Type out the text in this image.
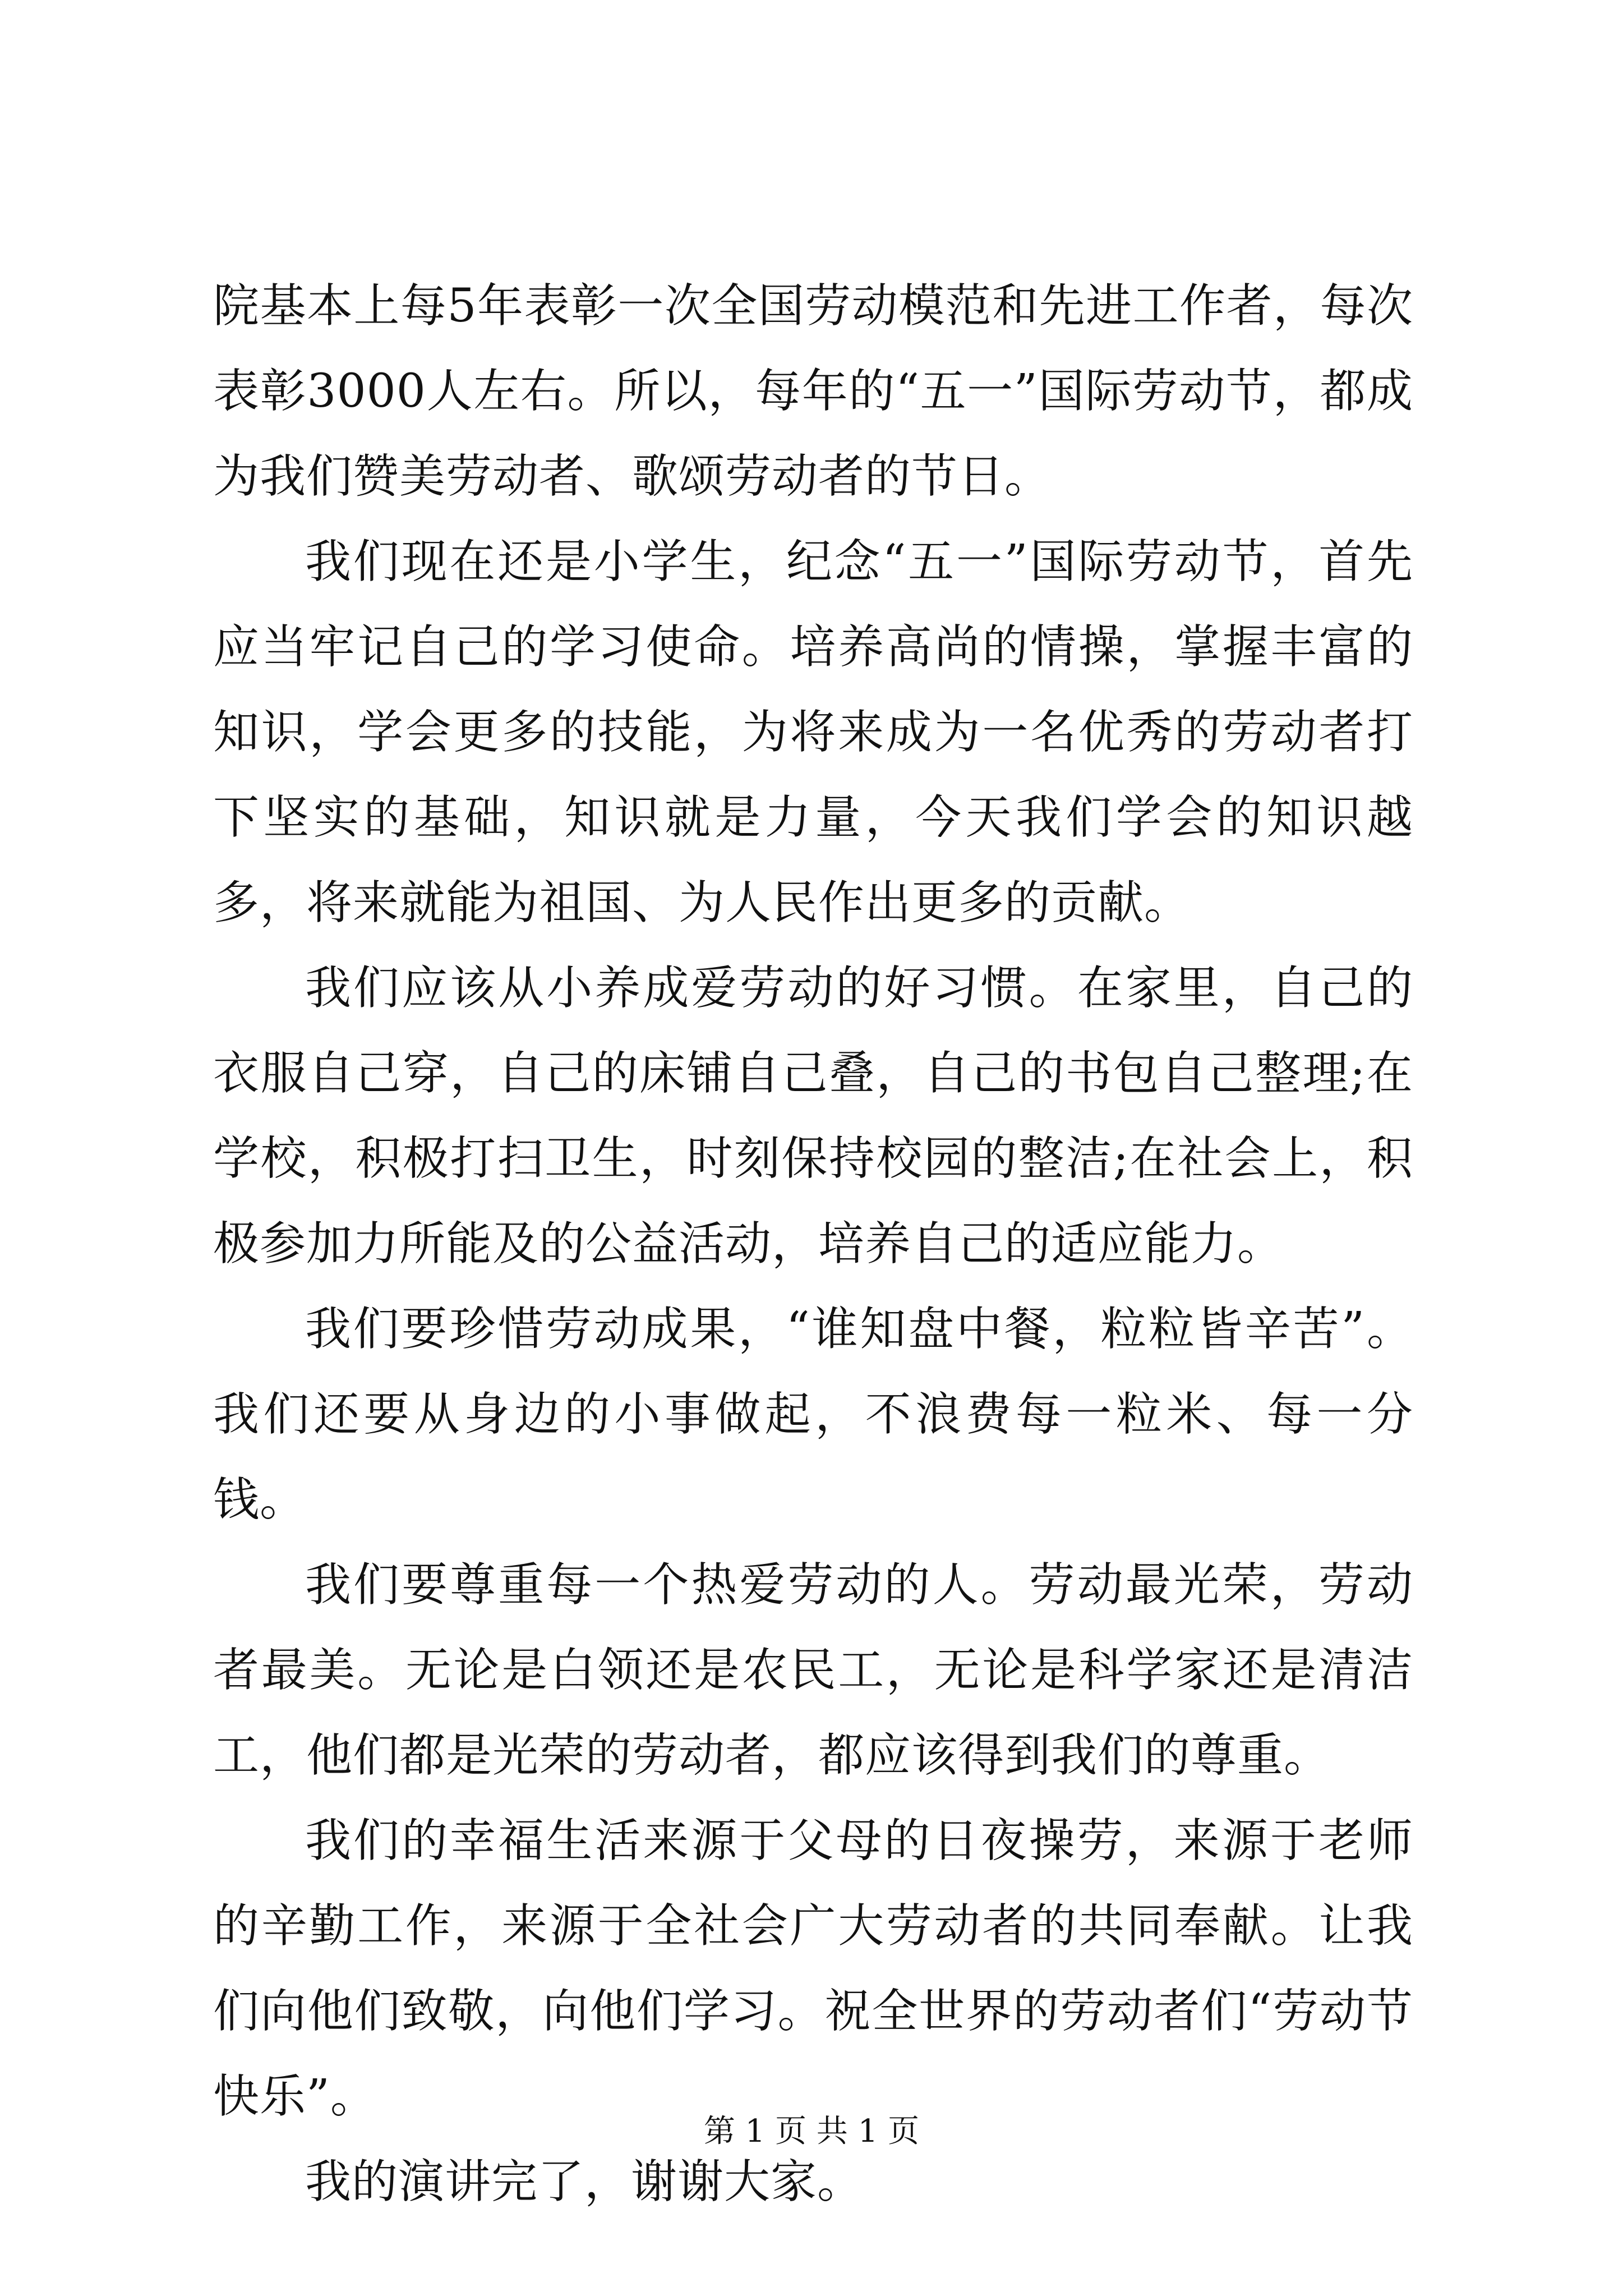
院基本上每5年表彰一次全国劳动模范和先进工作者，每次表彰3000人左右。所以，每年的“五一”国际劳动节，都成为我们赞美劳动者、歌颂劳动者的节日。

我们现在还是小学生，纪念“五一”国际劳动节，首先应当牢记自己的学习使命。培养高尚的情操，掌握丰富的知识，学会更多的技能，为将来成为一名优秀的劳动者打下坚实的基础，知识就是力量，今天我们学会的知识越多，将来就能为祖国、为人民作出更多的贡献。

我们应该从小养成爱劳动的好习惯。在家里，自己的衣服自己穿，自己的床铺自己叠，自己的书包自己整理;在学校，积极打扫卫生，时刻保持校园的整洁;在社会上，积极参加力所能及的公益活动，培养自己的适应能力。

我们要珍惜劳动成果，“谁知盘中餐，粒粒皆辛苦”。我们还要从身边的小事做起，不浪费每一粒米、每一分钱。

我们要尊重每一个热爱劳动的人。劳动最光荣，劳动者最美。无论是白领还是农民工，无论是科学家还是清洁工，他们都是光荣的劳动者，都应该得到我们的尊重。

我们的幸福生活来源于父母的日夜操劳，来源于老师的辛勤工作，来源于全社会广大劳动者的共同奉献。让我们向他们致敬，向他们学习。祝全世界的劳动者们“劳动节快乐”。

我的演讲完了，谢谢大家。

第 1 页 共 1 页
